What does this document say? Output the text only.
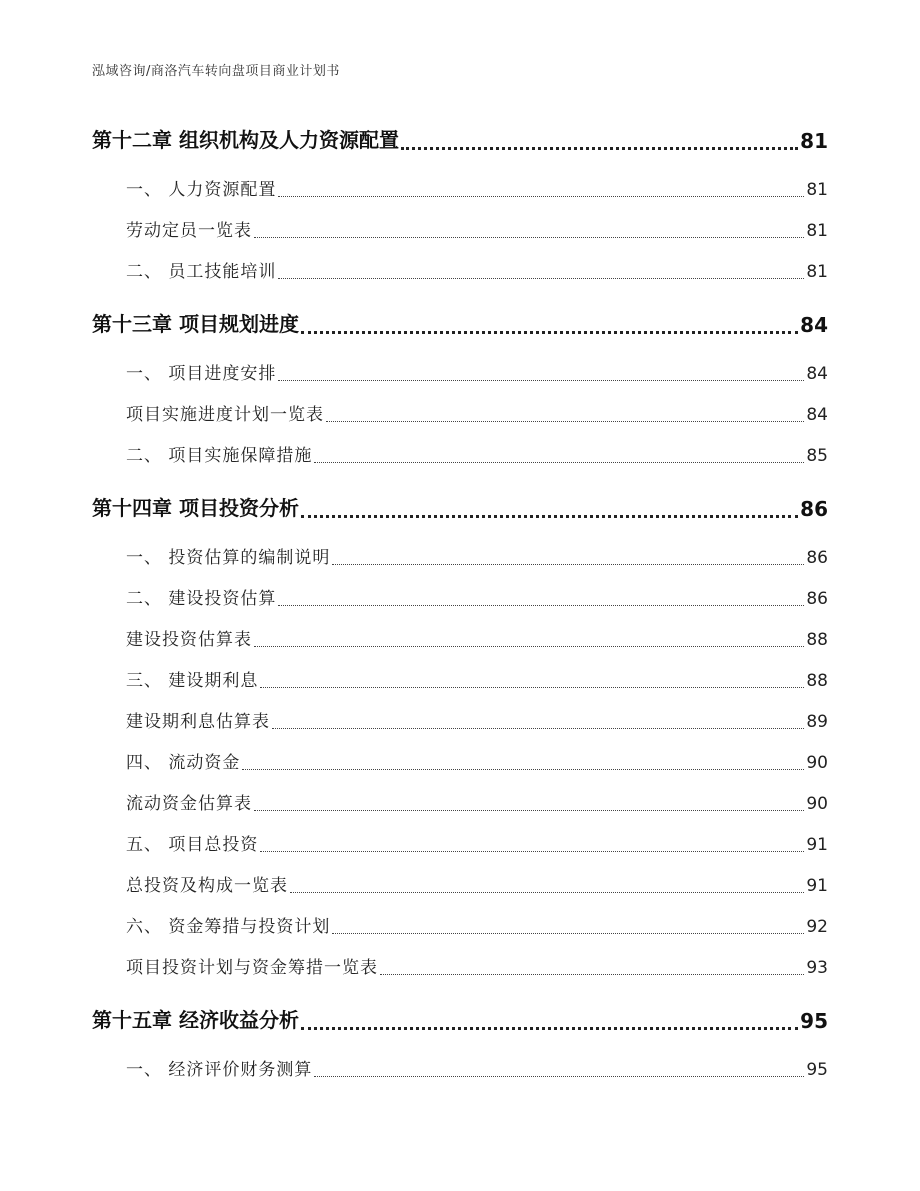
泓域咨询/商洛汽车转向盘项目商业计划书
第十二章 组织机构及人力资源配置	81
一、 人力资源配置	81
劳动定员一览表	81
二、 员工技能培训	81
第十三章 项目规划进度	84
一、 项目进度安排	84
项目实施进度计划一览表	84
二、 项目实施保障措施	85
第十四章 项目投资分析	86
一、 投资估算的编制说明	86
二、 建设投资估算	86
建设投资估算表	88
三、 建设期利息	88
建设期利息估算表	89
四、 流动资金	90
流动资金估算表	90
五、 项目总投资	91
总投资及构成一览表	91
六、 资金筹措与投资计划	92
项目投资计划与资金筹措一览表	93
第十五章 经济收益分析	95
一、 经济评价财务测算	95
